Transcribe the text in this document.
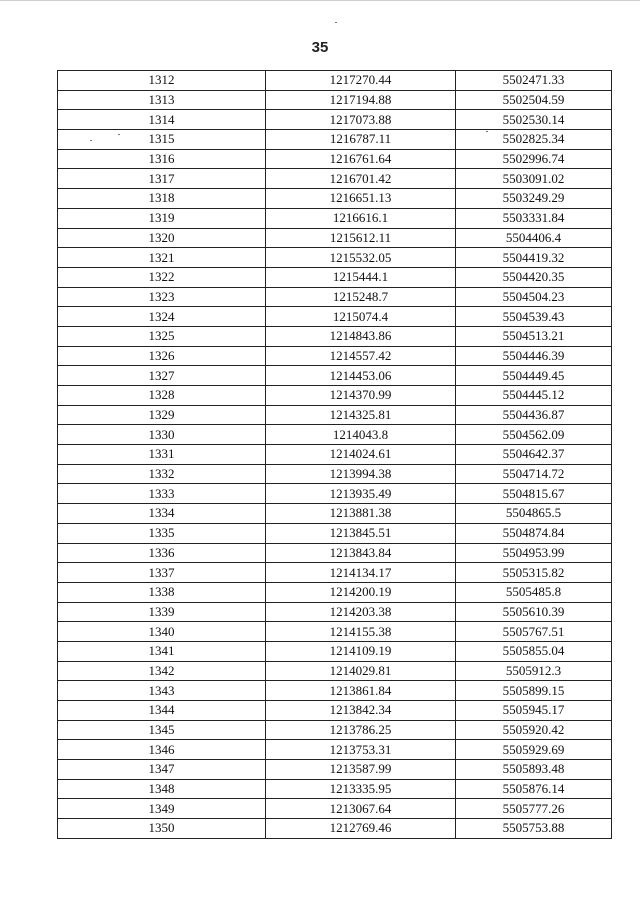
35
1312	1217270.44	5502471.33
1313	1217194.88	5502504.59
1314	1217073.88	5502530.14
1315	1216787.11	5502825.34
1316	1216761.64	5502996.74
1317	1216701.42	5503091.02
1318	1216651.13	5503249.29
1319	1216616.1	5503331.84
1320	1215612.11	5504406.4
1321	1215532.05	5504419.32
1322	1215444.1	5504420.35
1323	1215248.7	5504504.23
1324	1215074.4	5504539.43
1325	1214843.86	5504513.21
1326	1214557.42	5504446.39
1327	1214453.06	5504449.45
1328	1214370.99	5504445.12
1329	1214325.81	5504436.87
1330	1214043.8	5504562.09
1331	1214024.61	5504642.37
1332	1213994.38	5504714.72
1333	1213935.49	5504815.67
1334	1213881.38	5504865.5
1335	1213845.51	5504874.84
1336	1213843.84	5504953.99
1337	1214134.17	5505315.82
1338	1214200.19	5505485.8
1339	1214203.38	5505610.39
1340	1214155.38	5505767.51
1341	1214109.19	5505855.04
1342	1214029.81	5505912.3
1343	1213861.84	5505899.15
1344	1213842.34	5505945.17
1345	1213786.25	5505920.42
1346	1213753.31	5505929.69
1347	1213587.99	5505893.48
1348	1213335.95	5505876.14
1349	1213067.64	5505777.26
1350	1212769.46	5505753.88
